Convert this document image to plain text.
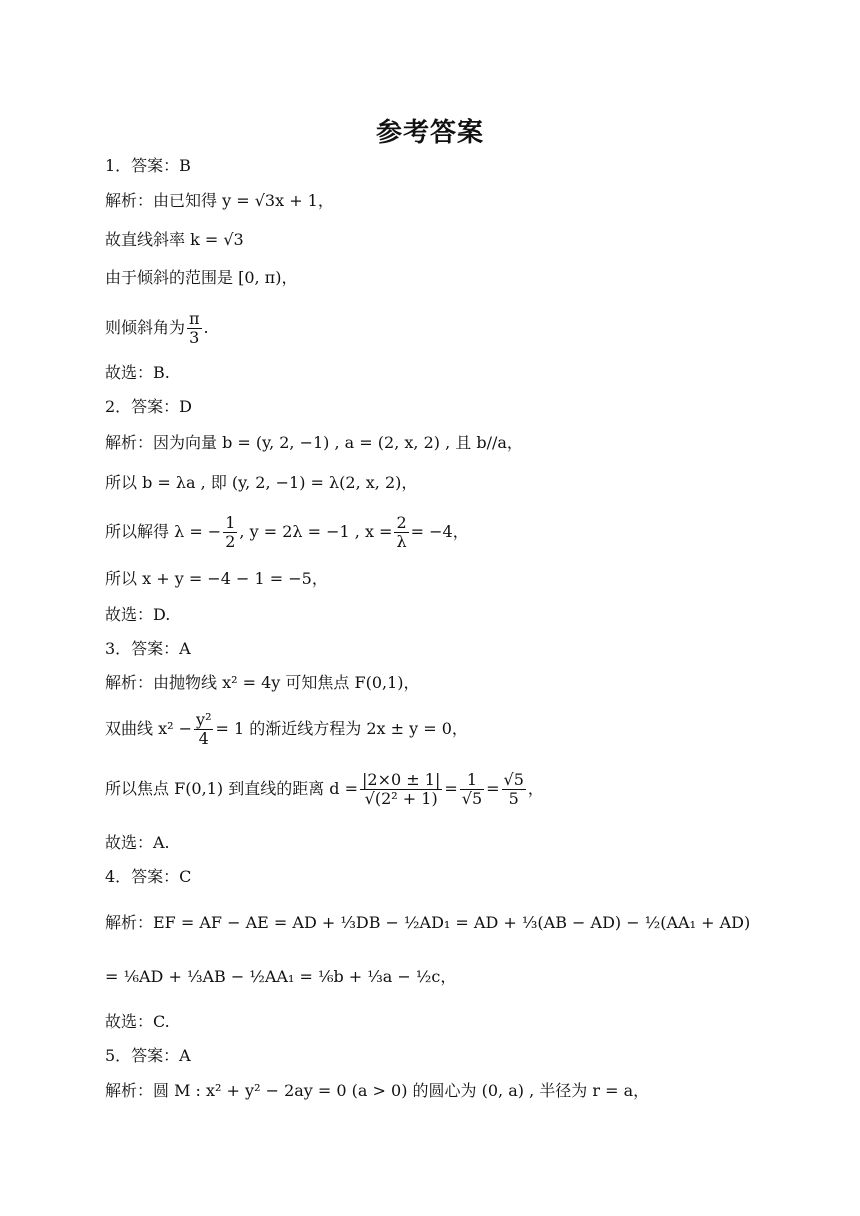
参考答案
1．答案：B
解析：由已知得 y = √3x + 1，
故直线斜率 k = √3
由于倾斜的范围是 [0, π)，
则倾斜角为 $\frac{\pi}{3}$ .
故选：B.
2．答案：D
解析：因为向量 b = (y, 2, −1) , a = (2, x, 2) , 且 b//a，
所以 b = λa , 即 (y, 2, −1) = λ(2, x, 2)，
所以解得 λ = − $\frac{1}{2}$ , y = 2λ = −1 , $x = \frac{2}{\lambda} = -4$，
所以 x + y = −4 − 1 = −5，
故选：D.
3．答案：A
解析：由抛物线 x² = 4y 可知焦点 F(0,1)，
双曲线 $x^2 - \frac{\text{y²}}{4} = 1$ 的渐近线方程为 2x ± y = 0，
所以焦点 F(0,1) 到直线的距离 $d = \frac{|2\times 0 \pm 1|}{\text{√(2² + 1)}} = \frac{1}{√5} = \frac{√5}{5}$ ，
故选：A.
4．答案：C
解析：EF = AF − AE = AD + ⅓DB − ½AD₁ = AD + ⅓(AB − AD) − ½(AA₁ + AD)
= ⅙AD + ⅓AB − ½AA₁ = ⅙b + ⅓a − ½c，
故选：C.
5．答案：A
解析：圆 M : x² + y² − 2ay = 0 (a > 0) 的圆心为 (0, a) , 半径为 r = a，
